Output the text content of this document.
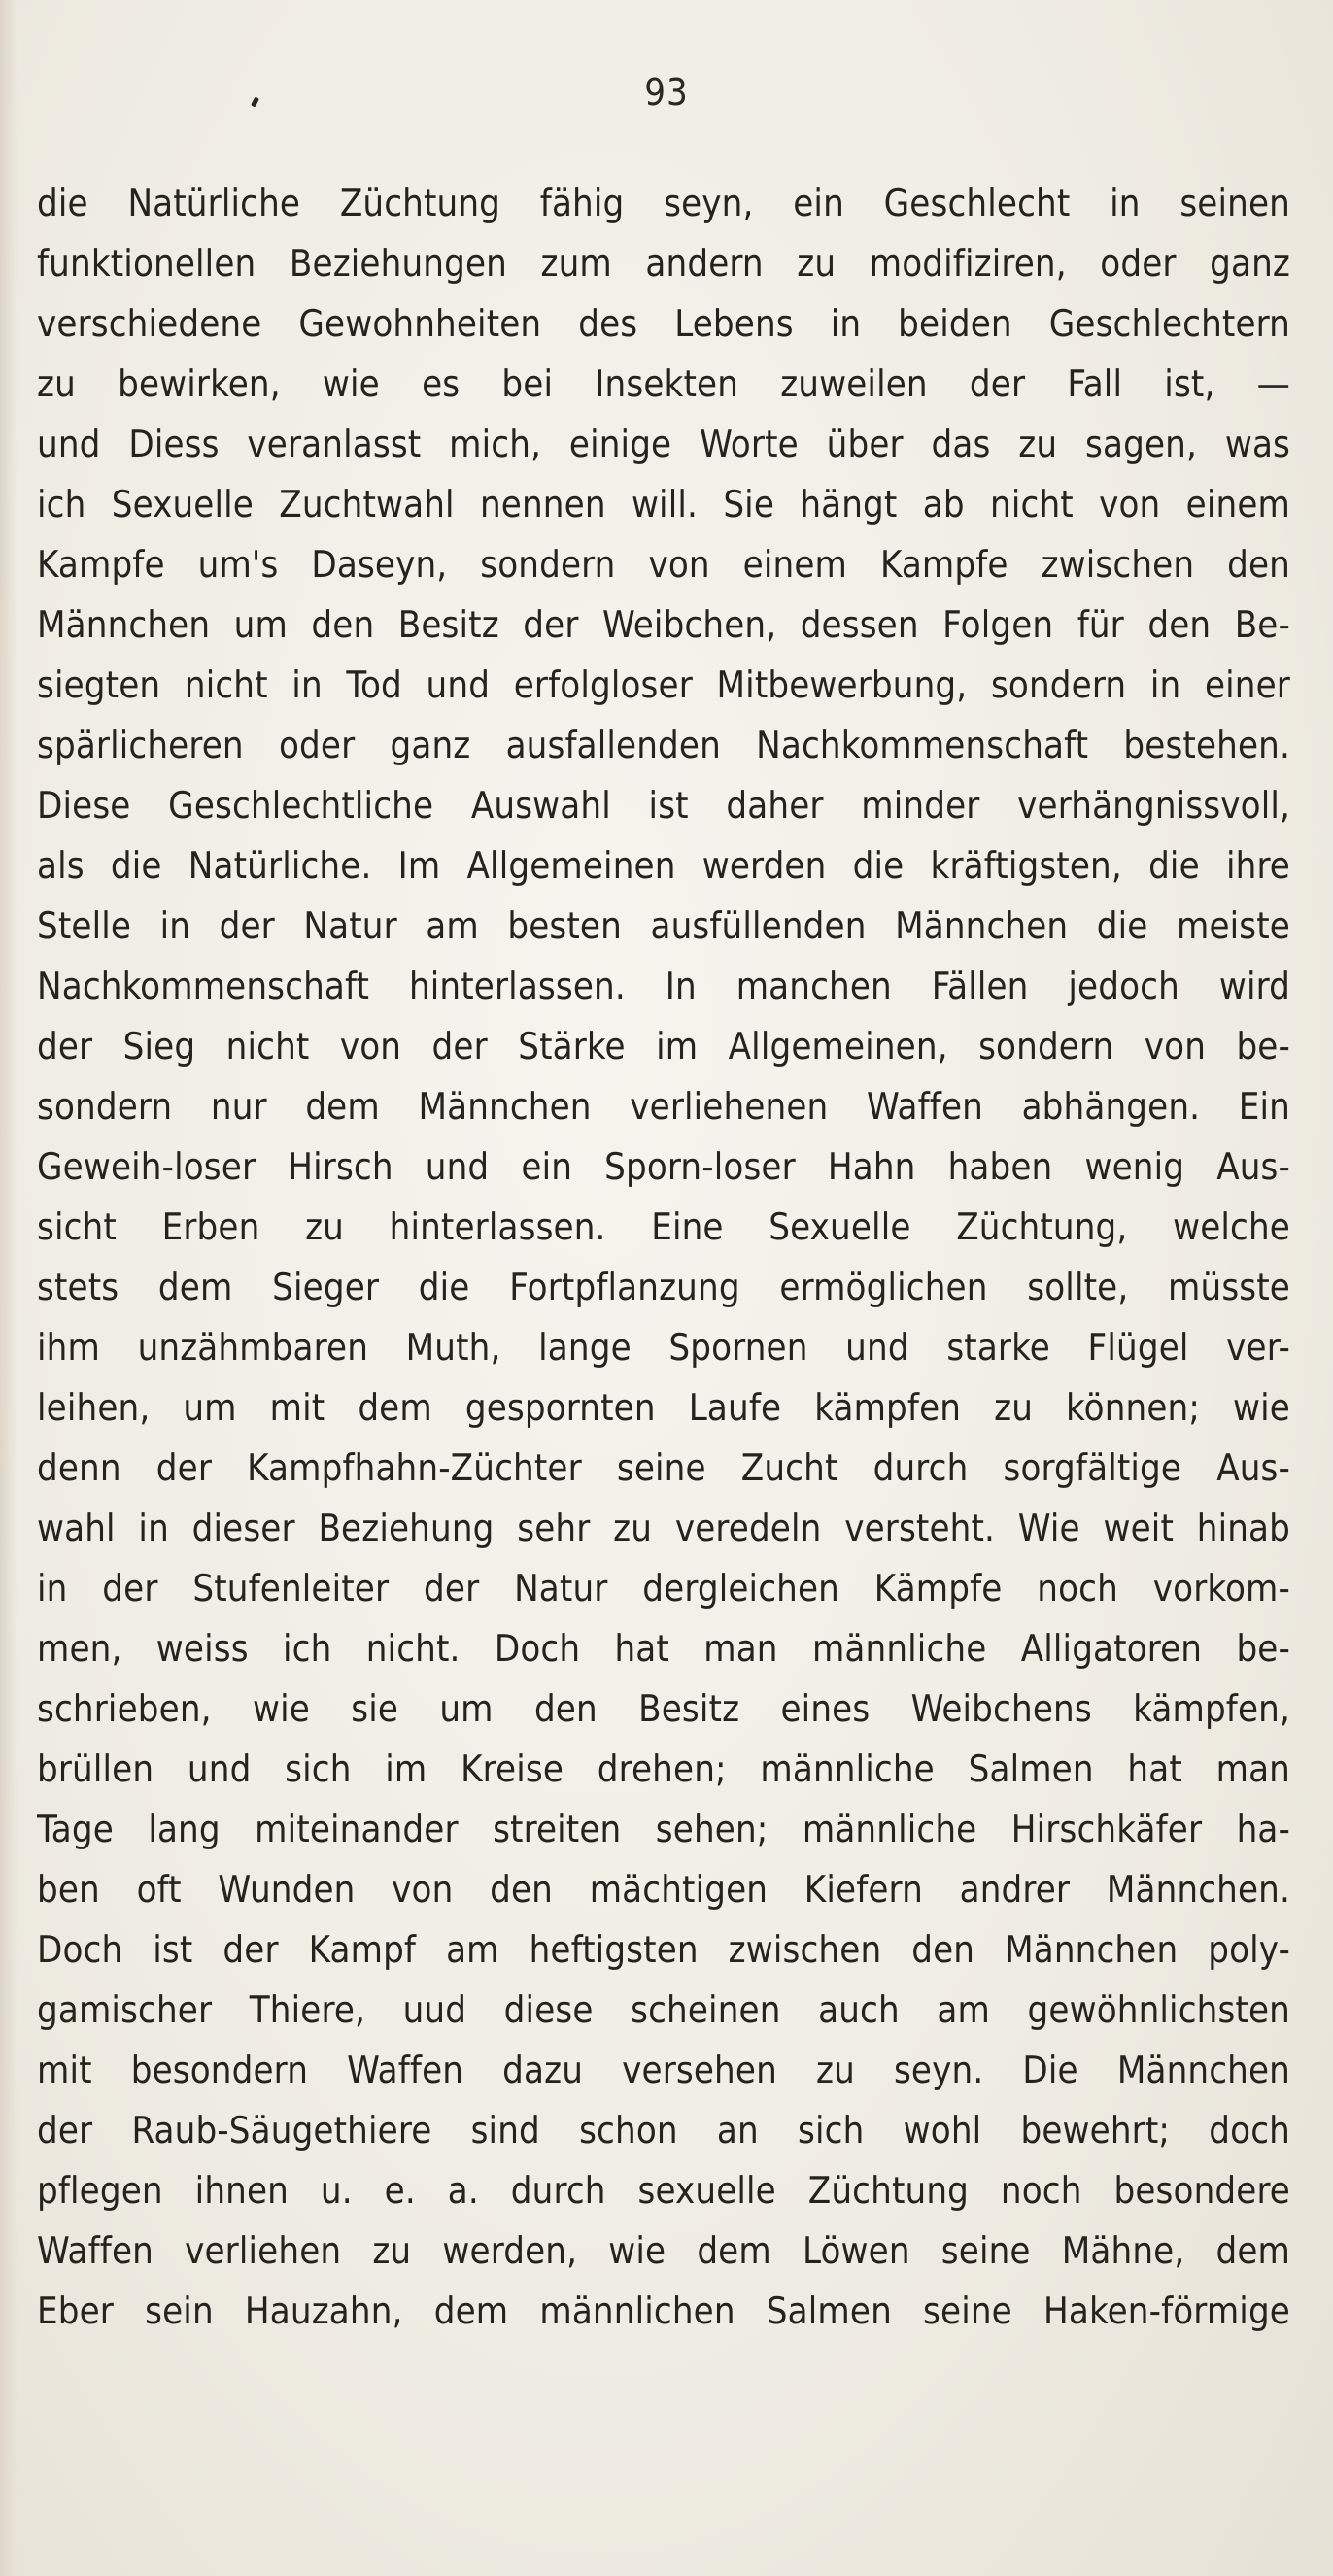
93
die Natürliche Züchtung fähig seyn, ein Geschlecht in seinen
funktionellen Beziehungen zum andern zu modifiziren, oder ganz
verschiedene Gewohnheiten des Lebens in beiden Geschlechtern
zu bewirken, wie es bei Insekten zuweilen der Fall ist, —
und Diess veranlasst mich, einige Worte über das zu sagen, was
ich Sexuelle Zuchtwahl nennen will. Sie hängt ab nicht von einem
Kampfe um's Daseyn, sondern von einem Kampfe zwischen den
Männchen um den Besitz der Weibchen, dessen Folgen für den Be-
siegten nicht in Tod und erfolgloser Mitbewerbung, sondern in einer
spärlicheren oder ganz ausfallenden Nachkommenschaft bestehen.
Diese Geschlechtliche Auswahl ist daher minder verhängnissvoll,
als die Natürliche. Im Allgemeinen werden die kräftigsten, die ihre
Stelle in der Natur am besten ausfüllenden Männchen die meiste
Nachkommenschaft hinterlassen. In manchen Fällen jedoch wird
der Sieg nicht von der Stärke im Allgemeinen, sondern von be-
sondern nur dem Männchen verliehenen Waffen abhängen. Ein
Geweih-loser Hirsch und ein Sporn-loser Hahn haben wenig Aus-
sicht Erben zu hinterlassen. Eine Sexuelle Züchtung, welche
stets dem Sieger die Fortpflanzung ermöglichen sollte, müsste
ihm unzähmbaren Muth, lange Spornen und starke Flügel ver-
leihen, um mit dem gespornten Laufe kämpfen zu können; wie
denn der Kampfhahn-Züchter seine Zucht durch sorgfältige Aus-
wahl in dieser Beziehung sehr zu veredeln versteht. Wie weit hinab
in der Stufenleiter der Natur dergleichen Kämpfe noch vorkom-
men, weiss ich nicht. Doch hat man männliche Alligatoren be-
schrieben, wie sie um den Besitz eines Weibchens kämpfen,
brüllen und sich im Kreise drehen; männliche Salmen hat man
Tage lang miteinander streiten sehen; männliche Hirschkäfer ha-
ben oft Wunden von den mächtigen Kiefern andrer Männchen.
Doch ist der Kampf am heftigsten zwischen den Männchen poly-
gamischer Thiere, uud diese scheinen auch am gewöhnlichsten
mit besondern Waffen dazu versehen zu seyn. Die Männchen
der Raub-Säugethiere sind schon an sich wohl bewehrt; doch
pflegen ihnen u. e. a. durch sexuelle Züchtung noch besondere
Waffen verliehen zu werden, wie dem Löwen seine Mähne, dem
Eber sein Hauzahn, dem männlichen Salmen seine Haken-förmige
